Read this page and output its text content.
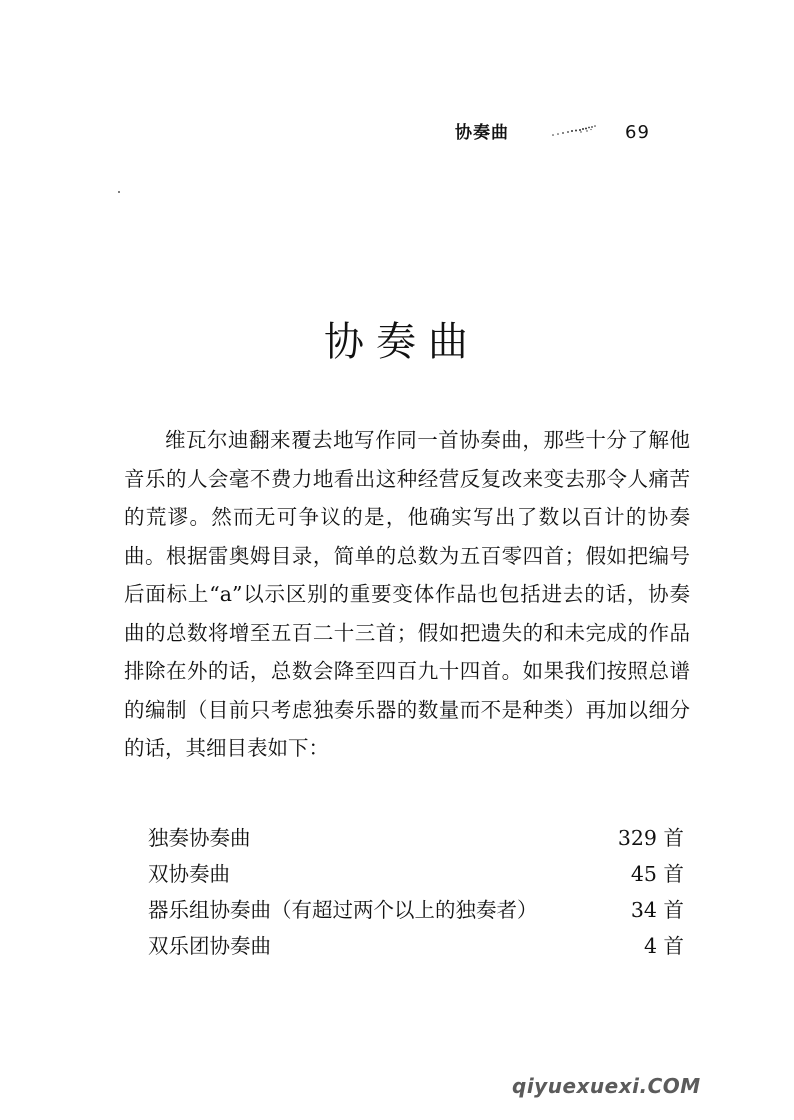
协奏曲	69
协奏曲

维瓦尔迪翻来覆去地写作同一首协奏曲，那些十分了解他音乐的人会毫不费力地看出这种经营反复改来变去那令人痛苦的荒谬。然而无可争议的是，他确实写出了数以百计的协奏曲。根据雷奥姆目录，简单的总数为五百零四首；假如把编号后面标上“a”以示区别的重要变体作品也包括进去的话，协奏曲的总数将增至五百二十三首；假如把遗失的和未完成的作品排除在外的话，总数会降至四百九十四首。如果我们按照总谱的编制（目前只考虑独奏乐器的数量而不是种类）再加以细分的话，其细目表如下：

独奏协奏曲	329 首
双协奏曲	45 首
器乐组协奏曲（有超过两个以上的独奏者）	34 首
双乐团协奏曲	4 首
qiyuexuexi.COM
